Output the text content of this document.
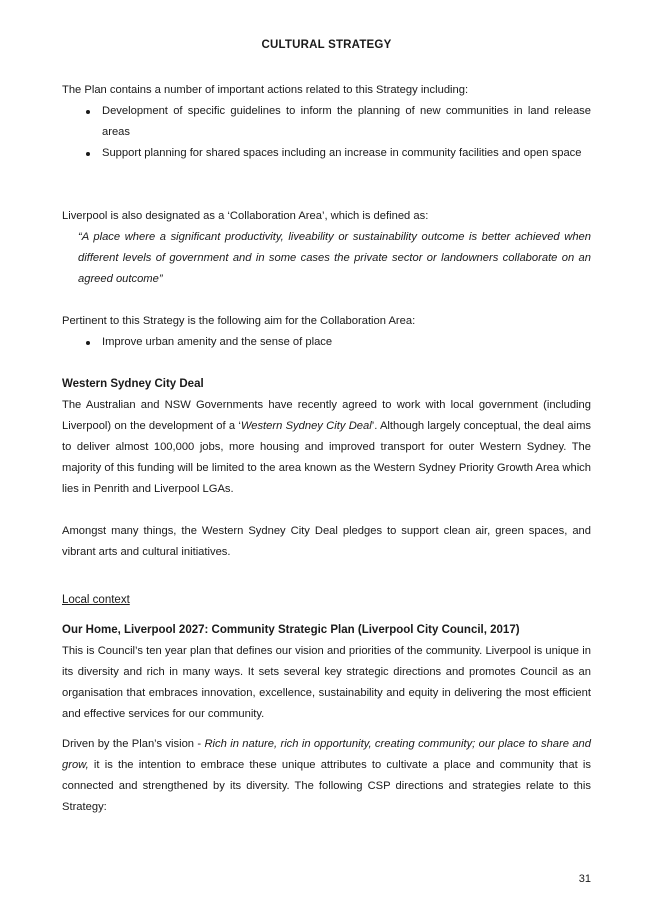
CULTURAL STRATEGY

The Plan contains a number of important actions related to this Strategy including:

Development of specific guidelines to inform the planning of new communities in land release areas
Support planning for shared spaces including an increase in community facilities and open space

Liverpool is also designated as a ‘Collaboration Area’, which is defined as:

“A place where a significant productivity, liveability or sustainability outcome is better achieved when different levels of government and in some cases the private sector or landowners collaborate on an agreed outcome”

Pertinent to this Strategy is the following aim for the Collaboration Area:

Improve urban amenity and the sense of place
Western Sydney City Deal

The Australian and NSW Governments have recently agreed to work with local government (including Liverpool) on the development of a ‘Western Sydney City Deal’. Although largely conceptual, the deal aims to deliver almost 100,000 jobs, more housing and improved transport for outer Western Sydney. The majority of this funding will be limited to the area known as the Western Sydney Priority Growth Area which lies in Penrith and Liverpool LGAs.

Amongst many things, the Western Sydney City Deal pledges to support clean air, green spaces, and vibrant arts and cultural initiatives.

Local context
Our Home, Liverpool 2027: Community Strategic Plan (Liverpool City Council, 2017)

This is Council’s ten year plan that defines our vision and priorities of the community. Liverpool is unique in its diversity and rich in many ways. It sets several key strategic directions and promotes Council as an organisation that embraces innovation, excellence, sustainability and equity in delivering the most efficient and effective services for our community.

Driven by the Plan’s vision - Rich in nature, rich in opportunity, creating community; our place to share and grow, it is the intention to embrace these unique attributes to cultivate a place and community that is connected and strengthened by its diversity. The following CSP directions and strategies relate to this Strategy:

31
